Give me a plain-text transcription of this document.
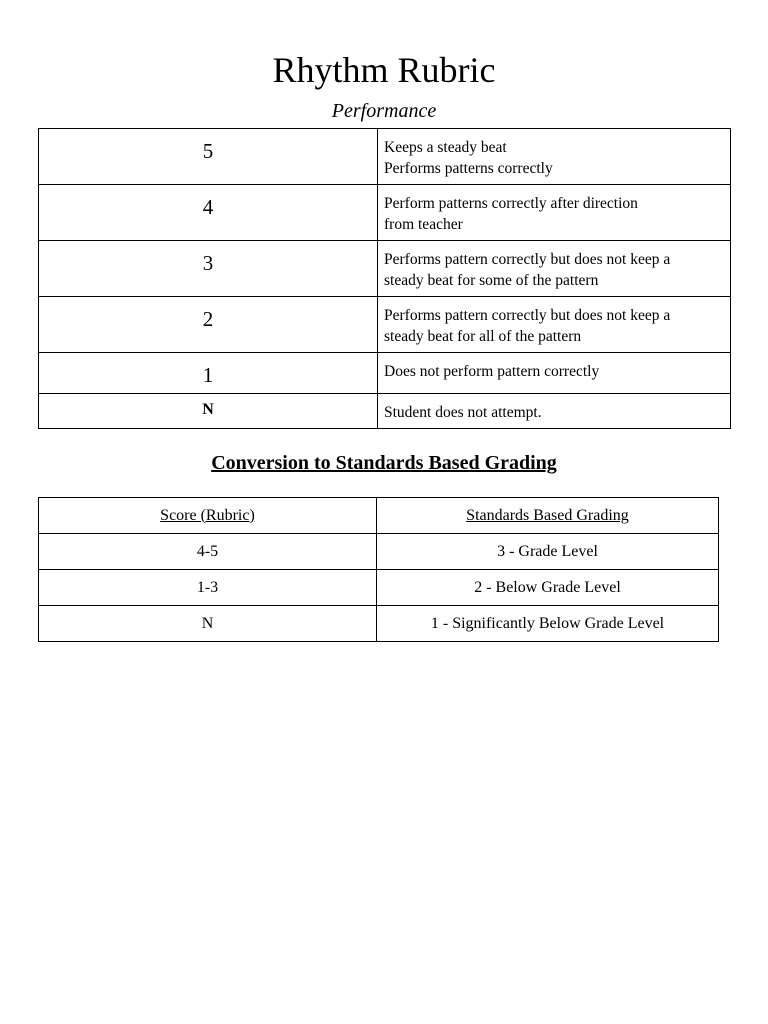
Rhythm Rubric
Performance
5	Keeps a steady beat
Performs patterns correctly

4	Perform patterns correctly after direction
from teacher

3	Performs pattern correctly but does not keep a
steady beat for some of the pattern

2	Performs pattern correctly but does not keep a
steady beat for all of the pattern

1	Does not perform pattern correctly

N	Student does not attempt.
Conversion to Standards Based Grading
Score (Rubric)	Standards Based Grading
4-5	3 - Grade Level
1-3	2 - Below Grade Level
N	1 - Significantly Below Grade Level
